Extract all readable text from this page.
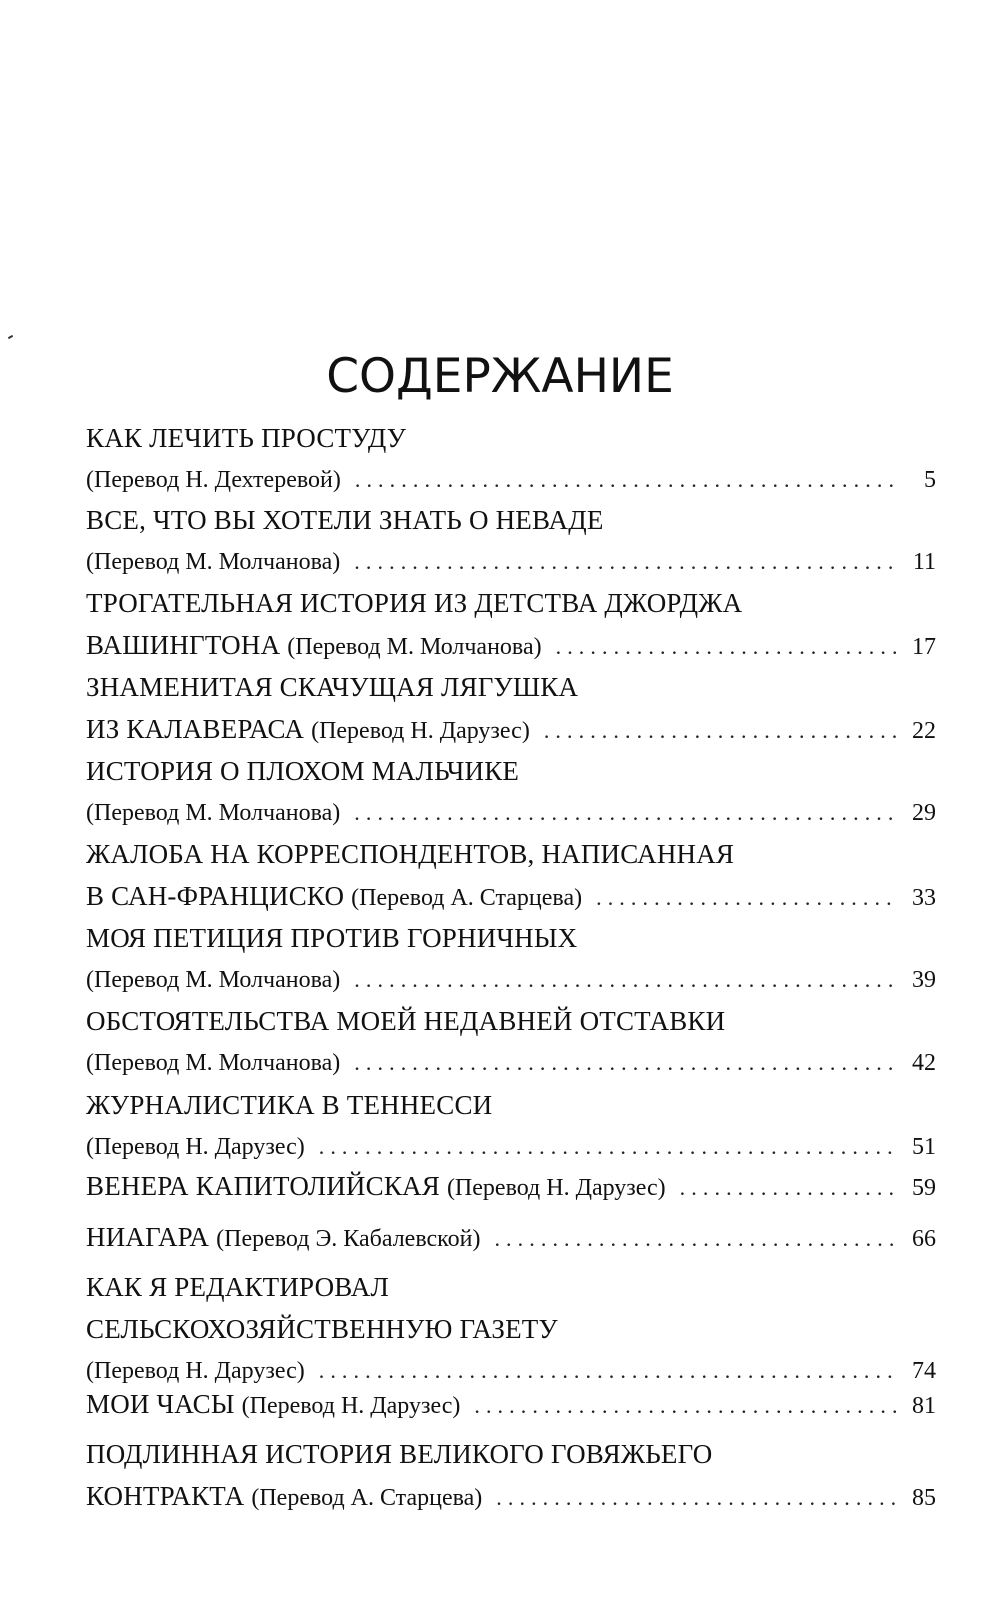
СОДЕРЖАНИЕ
КАК ЛЕЧИТЬ ПРОСТУДУ
(Перевод Н. Дехтеревой) . . .	5
ВСЕ, ЧТО ВЫ ХОТЕЛИ ЗНАТЬ О НЕВАДЕ
(Перевод М. Молчанова) . . .	11
ТРОГАТЕЛЬНАЯ ИСТОРИЯ ИЗ ДЕТСТВА ДЖОРДЖА
ВАШИНГТОНА (Перевод М. Молчанова) . . .	17
ЗНАМЕНИТАЯ СКАЧУЩАЯ ЛЯГУШКА
ИЗ КАЛАВЕРАСА (Перевод Н. Дарузес) . . .	22
ИСТОРИЯ О ПЛОХОМ МАЛЬЧИКЕ
(Перевод М. Молчанова) . . .	29
ЖАЛОБА НА КОРРЕСПОНДЕНТОВ, НАПИСАННАЯ
В САН-ФРАНЦИСКО (Перевод А. Старцева) . . .	33
МОЯ ПЕТИЦИЯ ПРОТИВ ГОРНИЧНЫХ
(Перевод М. Молчанова) . . .	39
ОБСТОЯТЕЛЬСТВА МОЕЙ НЕДАВНЕЙ ОТСТАВКИ
(Перевод М. Молчанова) . . .	42
ЖУРНАЛИСТИКА В ТЕННЕССИ
(Перевод Н. Дарузес) . . .	51
ВЕНЕРА КАПИТОЛИЙСКАЯ (Перевод Н. Дарузес) . . .	59
НИАГАРА (Перевод Э. Кабалевской) . . .	66
КАК Я РЕДАКТИРОВАЛ
СЕЛЬСКОХОЗЯЙСТВЕННУЮ ГАЗЕТУ
(Перевод Н. Дарузес) . . .	74
МОИ ЧАСЫ (Перевод Н. Дарузес) . . .	81
ПОДЛИННАЯ ИСТОРИЯ ВЕЛИКОГО ГОВЯЖЬЕГО
КОНТРАКТА (Перевод А. Старцева) . . .	85
